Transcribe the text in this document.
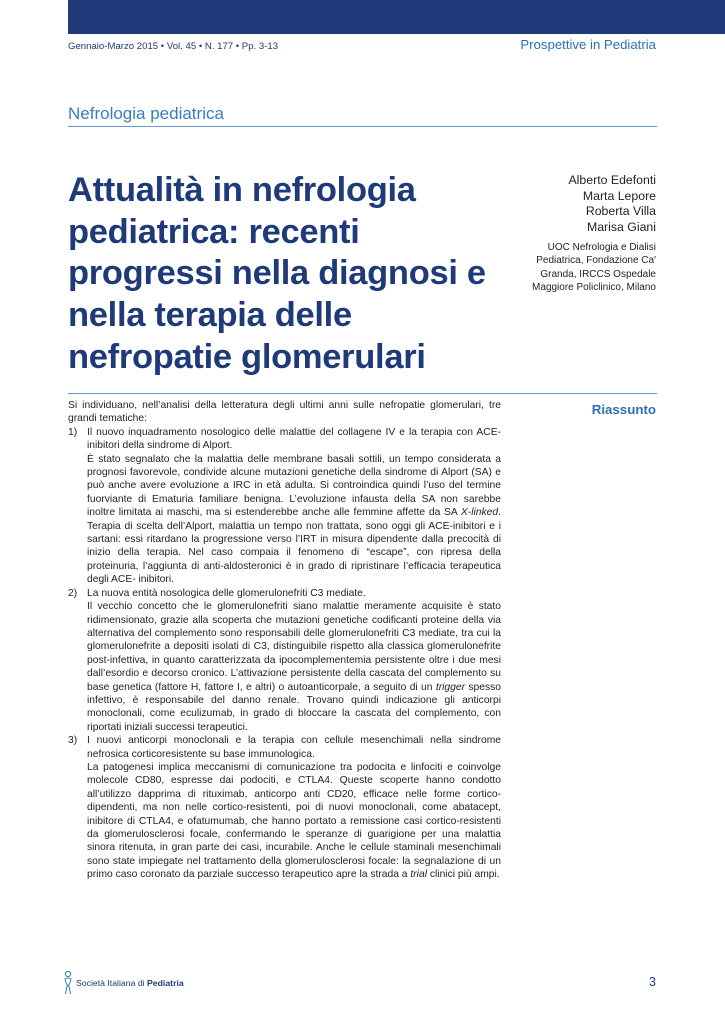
Gennaio-Marzo 2015 • Vol. 45 • N. 177 • Pp. 3-13	Prospettive in Pediatria
Nefrologia pediatrica
Attualità in nefrologia pediatrica: recenti progressi nella diagnosi e nella terapia delle nefropatie glomerulari
Alberto Edefonti
Marta Lepore
Roberta Villa
Marisa Giani
UOC Nefrologia e Dialisi Pediatrica, Fondazione Ca' Granda, IRCCS Ospedale Maggiore Policlinico, Milano
Riassunto

Si individuano, nell’analisi della letteratura degli ultimi anni sulle nefropatie glomerulari, tre grandi tematiche:

1) Il nuovo inquadramento nosologico delle malattie del collagene IV e la terapia con ACE-inibitori della sindrome di Alport.

È stato segnalato che la malattia delle membrane basali sottili, un tempo considerata a prognosi favorevole, condivide alcune mutazioni genetiche della sindrome di Alport (SA) e può anche avere evoluzione a IRC in età adulta. Si controindica quindi l’uso del termine fuorviante di Ematuria familiare benigna. L’evoluzione infausta della SA non sarebbe inoltre limitata ai maschi, ma si estenderebbe anche alle femmine affette da SA X-linked. Terapia di scelta dell’Alport, malattia un tempo non trattata, sono oggi gli ACE-inibitori e i sartani: essi ritardano la progressione verso l’IRT in misura dipendente dalla precocità di inizio della terapia. Nel caso compaia il fenomeno di “escape”, con ripresa della proteinuria, l’aggiunta di anti-aldosteronici è in grado di ripristinare l’efficacia terapeutica degli ACE- inibitori.

2) La nuova entità nosologica delle glomerulonefriti C3 mediate.

Il vecchio concetto che le glomerulonefriti siano malattie meramente acquisite è stato ridimensionato, grazie alla scoperta che mutazioni genetiche codificanti proteine della via alternativa del complemento sono responsabili delle glomerulonefriti C3 mediate, tra cui la glomerulonefrite a depositi isolati di C3, distinguibile rispetto alla classica glomerulonefrite post-infettiva, in quanto caratterizzata da ipocomplementemia persistente oltre i due mesi dall’esordio e decorso cronico. L’attivazione persistente della cascata del complemento su base genetica (fattore H, fattore I, e altri) o autoanticorpale, a seguito di un trigger spesso infettivo, è responsabile del danno renale. Trovano quindi indicazione gli anticorpi monoclonali, come eculizumab, in grado di bloccare la cascata del complemento, con riportati iniziali successi terapeutici.

3) I nuovi anticorpi monoclonali e la terapia con cellule mesenchimali nella sindrome nefrosica corticoresistente su base immunologica.

La patogenesi implica meccanismi di comunicazione tra podocita e linfociti e coinvolge molecole CD80, espresse dai podociti, e CTLA4. Queste scoperte hanno condotto all’utilizzo dapprima di rituximab, anticorpo anti CD20, efficace nelle forme cortico-dipendenti, ma non nelle cortico-resistenti, poi di nuovi monoclonali, come abatacept, inibitore di CTLA4, e ofatumumab, che hanno portato a remissione casi cortico-resistenti da glomerulosclerosi focale, confermando le speranze di guarigione per una malattia sinora ritenuta, in gran parte dei casi, incurabile. Anche le cellule staminali mesenchimali sono state impiegate nel trattamento della glomerulosclerosi focale: la segnalazione di un primo caso coronato da parziale successo terapeutico apre la strada a trial clinici più ampi.

Società Italiana di Pediatria	3
